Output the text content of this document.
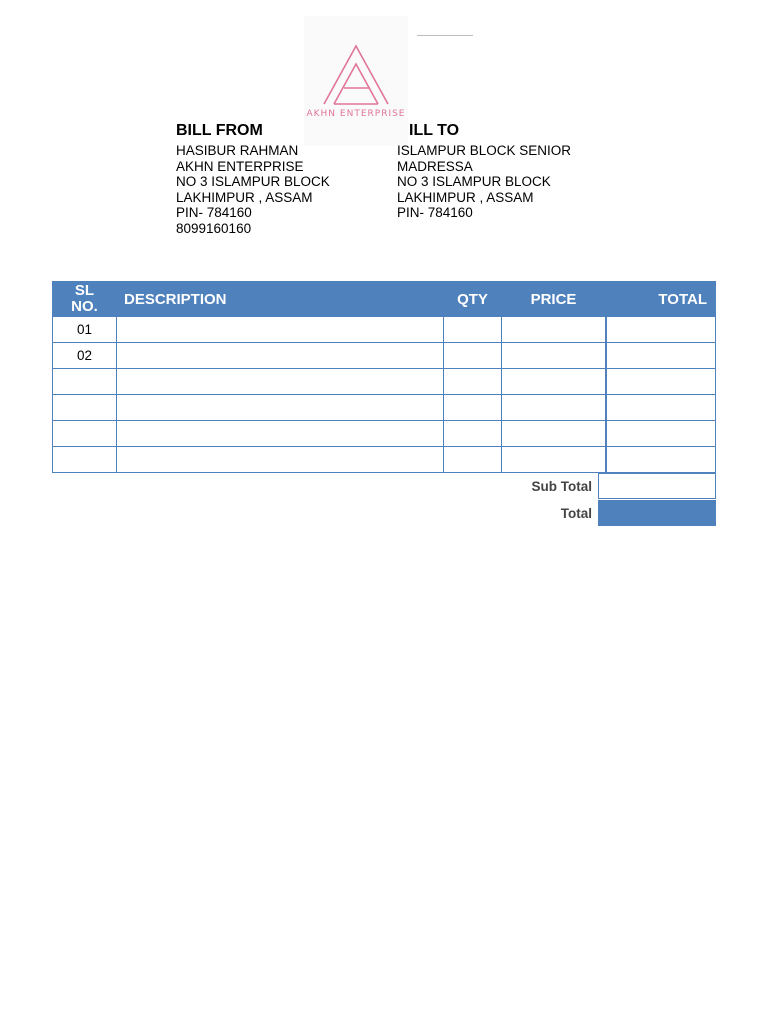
AKHN ENTERPRISE
BILL FROM
HASIBUR RAHMAN
AKHN ENTERPRISE
NO 3 ISLAMPUR BLOCK
LAKHIMPUR , ASSAM
PIN- 784160
8099160160
ILL TO
ISLAMPUR BLOCK SENIOR
MADRESSA
NO 3 ISLAMPUR BLOCK
LAKHIMPUR , ASSAM
PIN- 784160
SL
NO.	DESCRIPTION	QTY	PRICE	TOTAL
01				
02				

Sub Total
Total
